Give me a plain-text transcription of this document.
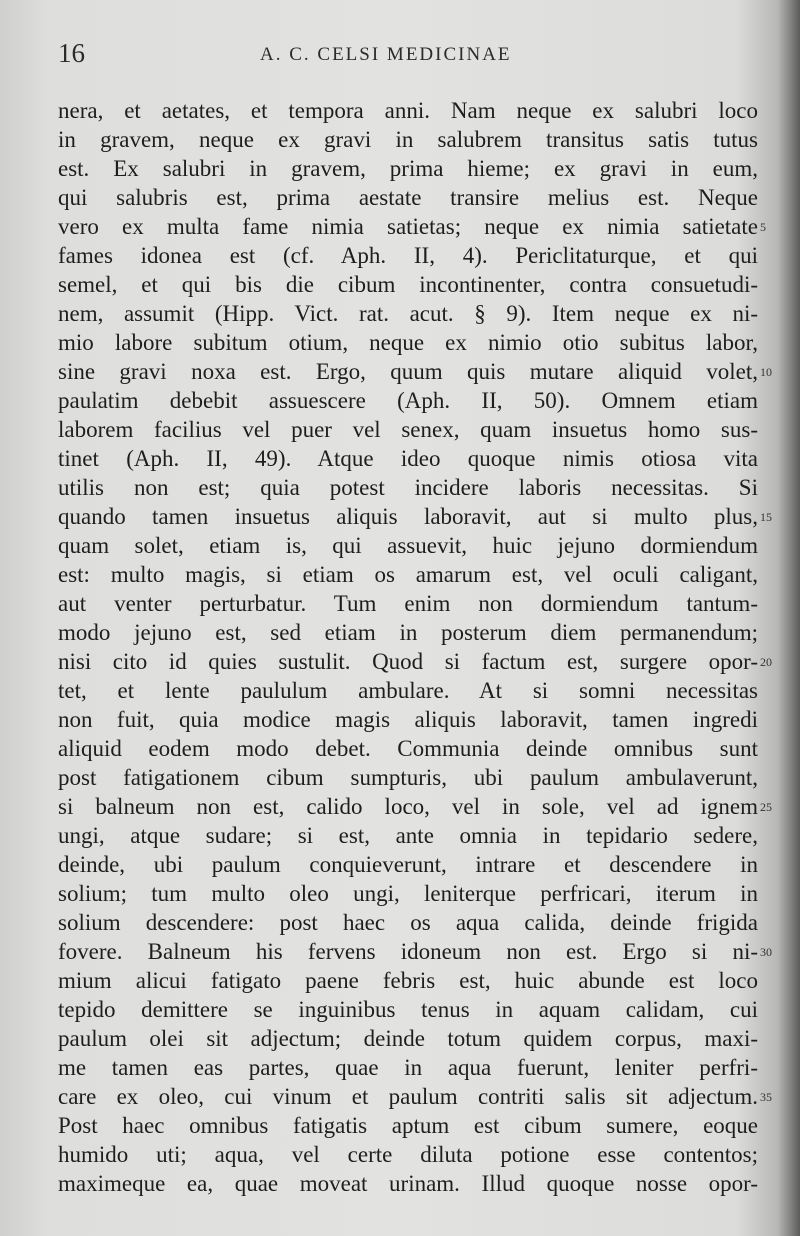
16	A. C. CELSI MEDICINAE
nera, et aetates, et tempora anni. Nam neque ex salubri loco
in gravem, neque ex gravi in salubrem transitus satis tutus
est. Ex salubri in gravem, prima hieme; ex gravi in eum,
qui salubris est, prima aestate transire melius est. Neque
vero ex multa fame nimia satietas; neque ex nimia satietate 5
fames idonea est (cf. Aph. II, 4). Periclitaturque, et qui
semel, et qui bis die cibum incontinenter, contra consuetudi-
nem, assumit (Hipp. Vict. rat. acut. § 9). Item neque ex ni-
mio labore subitum otium, neque ex nimio otio subitus labor,
sine gravi noxa est. Ergo, quum quis mutare aliquid volet, 10
paulatim debebit assuescere (Aph. II, 50). Omnem etiam
laborem facilius vel puer vel senex, quam insuetus homo sus-
tinet (Aph. II, 49). Atque ideo quoque nimis otiosa vita
utilis non est; quia potest incidere laboris necessitas. Si
quando tamen insuetus aliquis laboravit, aut si multo plus, 15
quam solet, etiam is, qui assuevit, huic jejuno dormiendum
est: multo magis, si etiam os amarum est, vel oculi caligant,
aut venter perturbatur. Tum enim non dormiendum tantum-
modo jejuno est, sed etiam in posterum diem permanendum;
nisi cito id quies sustulit. Quod si factum est, surgere opor- 20
tet, et lente paululum ambulare. At si somni necessitas
non fuit, quia modice magis aliquis laboravit, tamen ingredi
aliquid eodem modo debet. Communia deinde omnibus sunt
post fatigationem cibum sumpturis, ubi paulum ambulaverunt,
si balneum non est, calido loco, vel in sole, vel ad ignem 25
ungi, atque sudare; si est, ante omnia in tepidario sedere,
deinde, ubi paulum conquieverunt, intrare et descendere in
solium; tum multo oleo ungi, leniterque perfricari, iterum in
solium descendere: post haec os aqua calida, deinde frigida
fovere. Balneum his fervens idoneum non est. Ergo si ni- 30
mium alicui fatigato paene febris est, huic abunde est loco
tepido demittere se inguinibus tenus in aquam calidam, cui
paulum olei sit adjectum; deinde totum quidem corpus, maxi-
me tamen eas partes, quae in aqua fuerunt, leniter perfri-
care ex oleo, cui vinum et paulum contriti salis sit adjectum. 35
Post haec omnibus fatigatis aptum est cibum sumere, eoque
humido uti; aqua, vel certe diluta potione esse contentos;
maximeque ea, quae moveat urinam. Illud quoque nosse opor-
